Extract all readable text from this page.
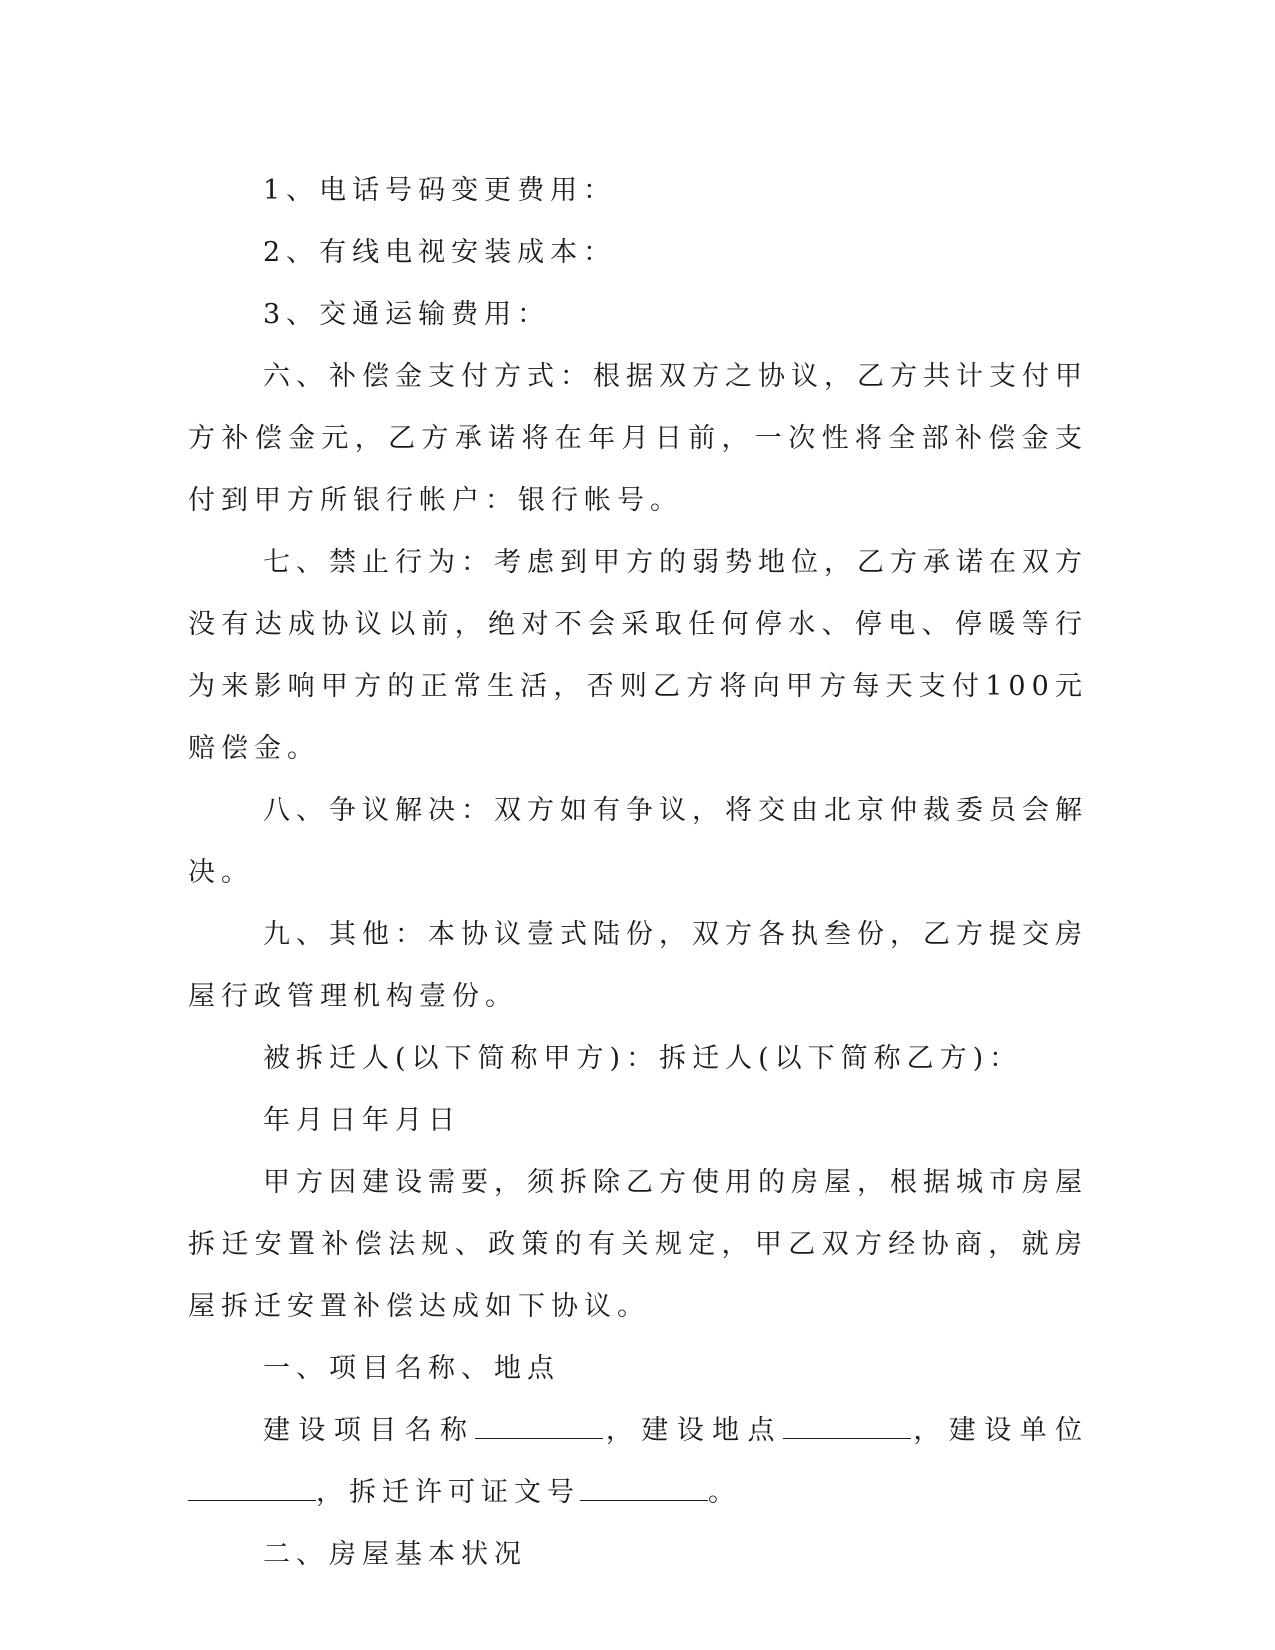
1、电话号码变更费用：

2、有线电视安装成本：

3、交通运输费用：

六、补偿金支付方式：根据双方之协议，乙方共计支付甲方补偿金元，乙方承诺将在年月日前，一次性将全部补偿金支付到甲方所银行帐户：银行帐号。

七、禁止行为：考虑到甲方的弱势地位，乙方承诺在双方没有达成协议以前，绝对不会采取任何停水、停电、停暖等行为来影响甲方的正常生活，否则乙方将向甲方每天支付100元赔偿金。

八、争议解决：双方如有争议，将交由北京仲裁委员会解决。

九、其他：本协议壹式陆份，双方各执叁份，乙方提交房屋行政管理机构壹份。

被拆迁人(以下简称甲方)：拆迁人(以下简称乙方)：

年月日年月日

甲方因建设需要，须拆除乙方使用的房屋，根据城市房屋拆迁安置补偿法规、政策的有关规定，甲乙双方经协商，就房屋拆迁安置补偿达成如下协议。

一、项目名称、地点

建设项目名称	，建设地点	，建设单位，拆迁许可证文号	。

二、房屋基本状况
